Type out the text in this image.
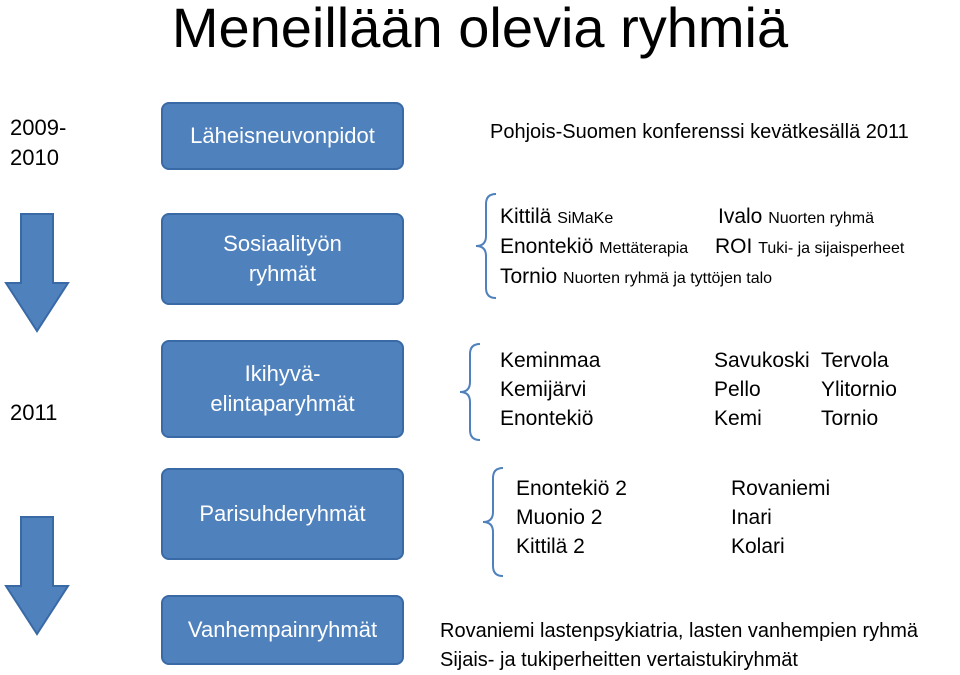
Meneillään olevia ryhmiä
2009-
2010
2011
Läheisneuvonpidot
Sosiaalityön
ryhmät
Ikihyvä-
elintaparyhmät
Parisuhderyhmät
Vanhempainryhmät
Pohjois-Suomen konferenssi kevätkesällä 2011
Kittilä SiMaKe	Ivalo Nuorten ryhmä
Enontekiö Mettäterapia ROI Tuki- ja sijaisperheet
Tornio Nuorten ryhmä ja tyttöjen talo
Keminmaa
Kemijärvi
Enontekiö
Savukoski
Pello
Kemi
Tervola
Ylitornio
Tornio
Enontekiö 2
Muonio 2
Kittilä 2
Rovaniemi
Inari
Kolari
Rovaniemi lastenpsykiatria, lasten vanhempien ryhmä
Sijais- ja tukiperheitten vertaistukiryhmät
